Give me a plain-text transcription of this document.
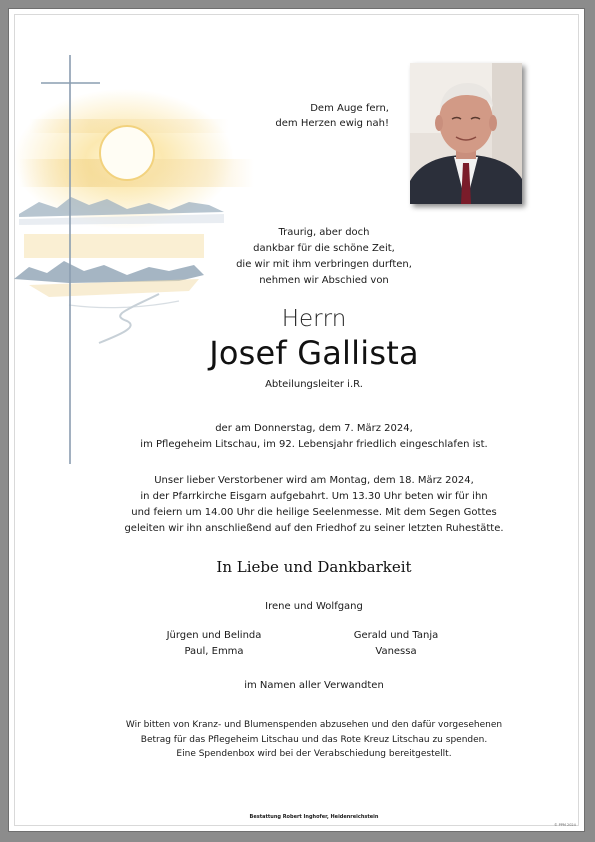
Dem Auge fern,
dem Herzen ewig nah!
Traurig, aber doch
dankbar für die schöne Zeit,
die wir mit ihm verbringen durften,
nehmen wir Abschied von
Herrn
Josef Gallista
Abteilungsleiter i.R.
der am Donnerstag, dem 7. März 2024,
im Pflegeheim Litschau, im 92. Lebensjahr friedlich eingeschlafen ist.
Unser lieber Verstorbener wird am Montag, dem 18. März 2024,
in der Pfarrkirche Eisgarn aufgebahrt. Um 13.30 Uhr beten wir für ihn
und feiern um 14.00 Uhr die heilige Seelenmesse. Mit dem Segen Gottes
geleiten wir ihn anschließend auf den Friedhof zu seiner letzten Ruhestätte.
In Liebe und Dankbarkeit
Irene und Wolfgang
Jürgen und Belinda
Paul, Emma
Gerald und Tanja
Vanessa
im Namen aller Verwandten
Wir bitten von Kranz- und Blumenspenden abzusehen und den dafür vorgesehenen
Betrag für das Pflegeheim Litschau und das Rote Kreuz Litschau zu spenden.
Eine Spendenbox wird bei der Verabschiedung bereitgestellt.
Bestattung Robert Inghofer, Heidenreichstein
© PPM 2024
